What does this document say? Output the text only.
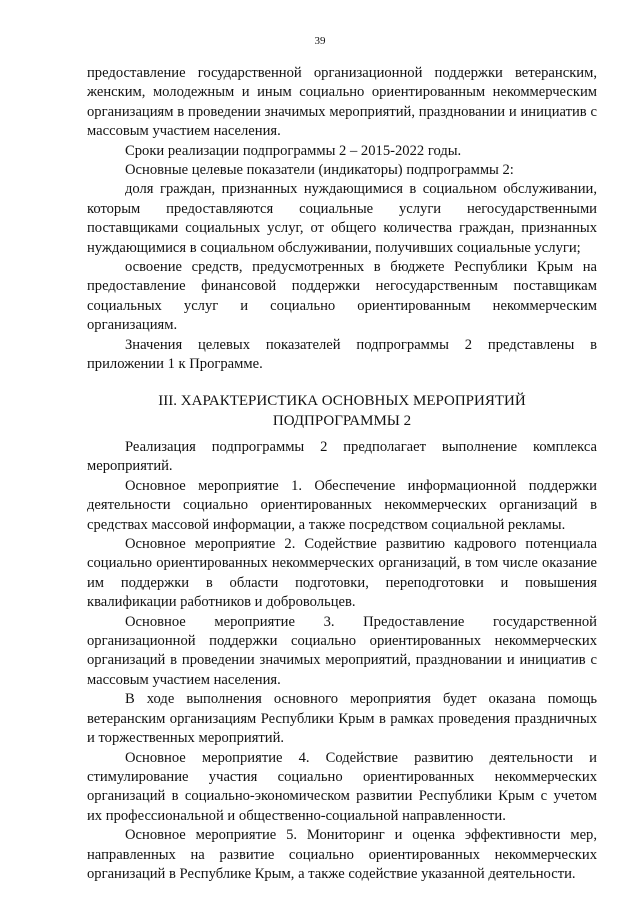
39
предоставление государственной организационной поддержки ветеранским, женским, молодежным и иным социально ориентированным некоммерческим организациям в проведении значимых мероприятий, праздновании и инициатив с массовым участием населения.
Сроки реализации подпрограммы 2 – 2015-2022 годы.
Основные целевые показатели (индикаторы) подпрограммы 2:
доля граждан, признанных нуждающимися в социальном обслуживании, которым предоставляются социальные услуги негосударственными поставщиками социальных услуг, от общего количества граждан, признанных нуждающимися в социальном обслуживании, получивших социальные услуги;
освоение средств, предусмотренных в бюджете Республики Крым на предоставление финансовой поддержки негосударственным поставщикам социальных услуг и социально ориентированным некоммерческим организациям.
Значения целевых показателей подпрограммы 2 представлены в приложении 1 к Программе.
III. ХАРАКТЕРИСТИКА ОСНОВНЫХ МЕРОПРИЯТИЙ
ПОДПРОГРАММЫ 2
Реализация подпрограммы 2 предполагает выполнение комплекса мероприятий.
Основное мероприятие 1. Обеспечение информационной поддержки деятельности социально ориентированных некоммерческих организаций в средствах массовой информации, а также посредством социальной рекламы.
Основное мероприятие 2. Содействие развитию кадрового потенциала социально ориентированных некоммерческих организаций, в том числе оказание им поддержки в области подготовки, переподготовки и повышения квалификации работников и добровольцев.
Основное мероприятие 3. Предоставление государственной организационной поддержки социально ориентированных некоммерческих организаций в проведении значимых мероприятий, праздновании и инициатив с массовым участием населения.
В ходе выполнения основного мероприятия будет оказана помощь ветеранским организациям Республики Крым в рамках проведения праздничных и торжественных мероприятий.
Основное мероприятие 4. Содействие развитию деятельности и стимулирование участия социально ориентированных некоммерческих организаций в социально-экономическом развитии Республики Крым с учетом их профессиональной и общественно-социальной направленности.
Основное мероприятие 5. Мониторинг и оценка эффективности мер, направленных на развитие социально ориентированных некоммерческих организаций в Республике Крым, а также содействие указанной деятельности.
